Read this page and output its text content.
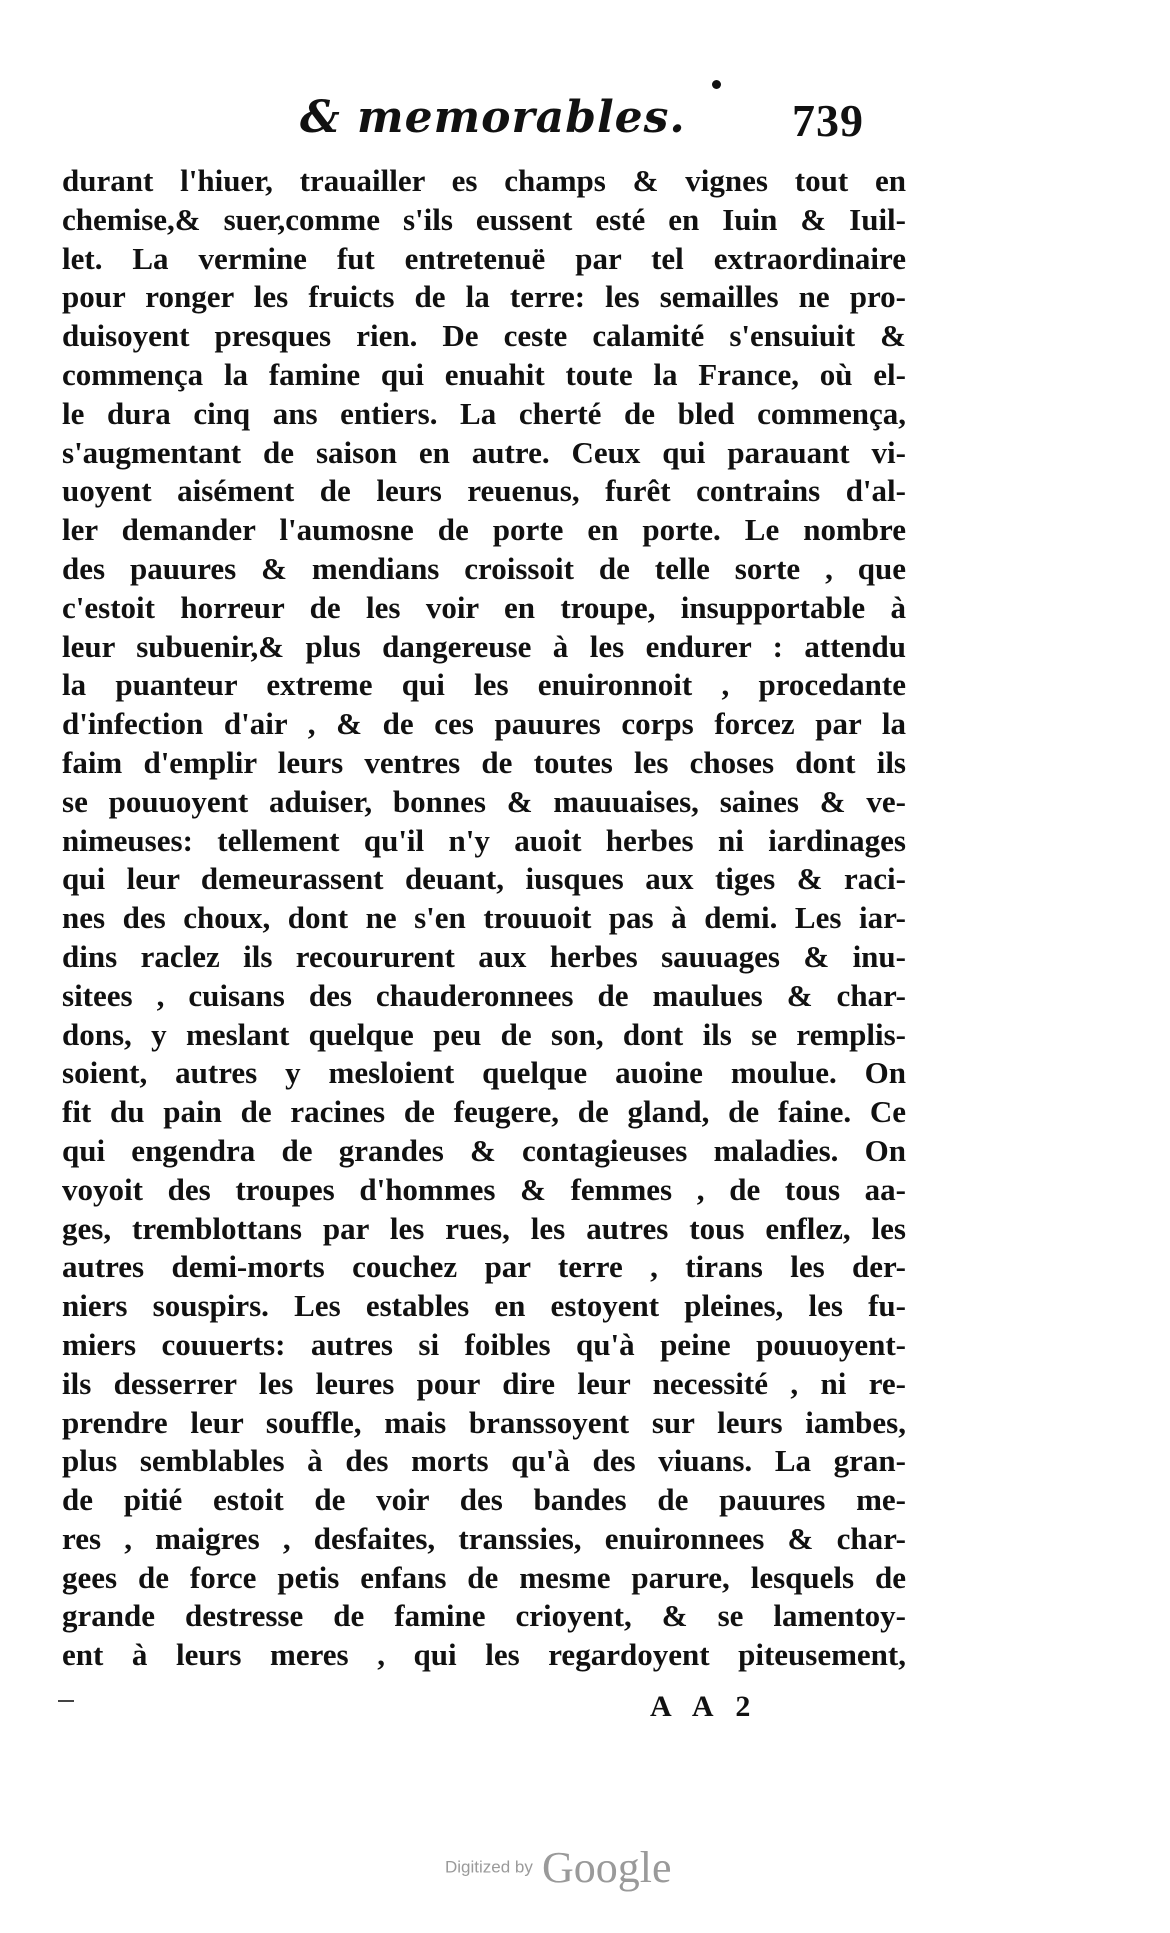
& memorables. 739
durant l'hiuer, trauailler es champs & vignes tout en
chemise,& suer,comme s'ils eussent esté en Iuin & Iuil-
let. La vermine fut entretenuë par tel extraordinaire
pour ronger les fruicts de la terre: les semailles ne pro-
duisoyent presques rien. De ceste calamité s'ensuiuit &
commença la famine qui enuahit toute la France, où el-
le dura cinq ans entiers. La cherté de bled commença,
s'augmentant de saison en autre. Ceux qui parauant vi-
uoyent aisément de leurs reuenus, furêt contrains d'al-
ler demander l'aumosne de porte en porte. Le nombre
des pauures & mendians croissoit de telle sorte , que
c'estoit horreur de les voir en troupe, insupportable à
leur subuenir,& plus dangereuse à les endurer : attendu
la puanteur extreme qui les enuironnoit , procedante
d'infection d'air , & de ces pauures corps forcez par la
faim d'emplir leurs ventres de toutes les choses dont ils
se pouuoyent aduiser, bonnes & mauuaises, saines & ve-
nimeuses: tellement qu'il n'y auoit herbes ni iardinages
qui leur demeurassent deuant, iusques aux tiges & raci-
nes des choux, dont ne s'en trouuoit pas à demi. Les iar-
dins raclez ils recoururent aux herbes sauuages & inu-
sitees , cuisans des chauderonnees de maulues & char-
dons, y meslant quelque peu de son, dont ils se remplis-
soient, autres y mesloient quelque auoine moulue. On
fit du pain de racines de feugere, de gland, de faine. Ce
qui engendra de grandes & contagieuses maladies. On
voyoit des troupes d'hommes & femmes , de tous aa-
ges, tremblottans par les rues, les autres tous enflez, les
autres demi-morts couchez par terre , tirans les der-
niers souspirs. Les estables en estoyent pleines, les fu-
miers couuerts: autres si foibles qu'à peine pouuoyent-
ils desserrer les leures pour dire leur necessité , ni re-
prendre leur souffle, mais branssoyent sur leurs iambes,
plus semblables à des morts qu'à des viuans. La gran-
de pitié estoit de voir des bandes de pauures me-
res , maigres , desfaites, transsies, enuironnees & char-
gees de force petis enfans de mesme parure, lesquels de
grande destresse de famine crioyent, & se lamentoy-
ent à leurs meres , qui les regardoyent piteusement,
A A 2
Digitized by Google
